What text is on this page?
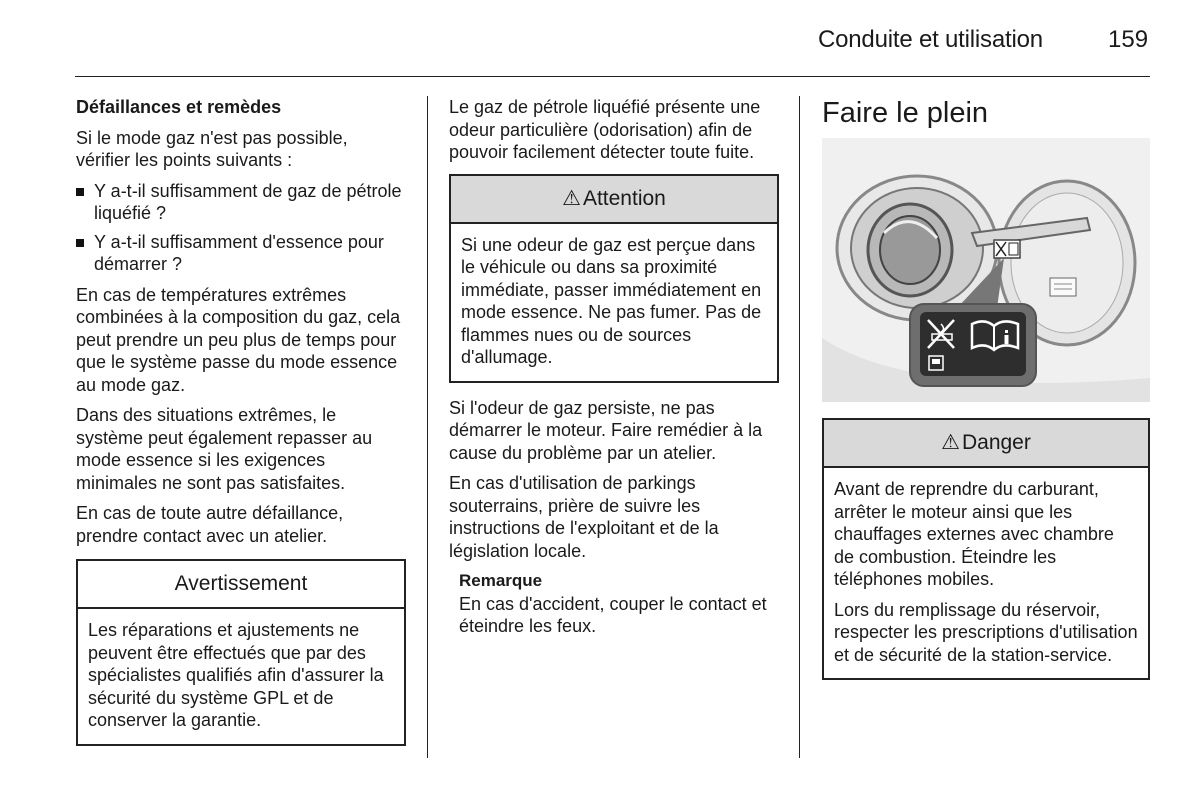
Conduite et utilisation	159

Défaillances et remèdes

Si le mode gaz n'est pas possible, vérifier les points suivants :

Y a-t-il suffisamment de gaz de pétrole liquéfié ?
Y a-t-il suffisamment d'essence pour démarrer ?

En cas de températures extrêmes combinées à la composition du gaz, cela peut prendre un peu plus de temps pour que le système passe du mode essence au mode gaz.

Dans des situations extrêmes, le système peut également repasser au mode essence si les exigences minimales ne sont pas satisfaites.

En cas de toute autre défaillance, prendre contact avec un atelier.

Avertissement

Les réparations et ajustements ne peuvent être effectués que par des spécialistes qualifiés afin d'assurer la sécurité du système GPL et de conserver la garantie.

Le gaz de pétrole liquéfié présente une odeur particulière (odorisation) afin de pouvoir facilement détecter toute fuite.

⚠Attention

Si une odeur de gaz est perçue dans le véhicule ou dans sa proximité immédiate, passer immédiatement en mode essence. Ne pas fumer. Pas de flammes nues ou de sources d'allumage.

Si l'odeur de gaz persiste, ne pas démarrer le moteur. Faire remédier à la cause du problème par un atelier.

En cas d'utilisation de parkings souterrains, prière de suivre les instructions de l'exploitant et de la législation locale.

Remarque
En cas d'accident, couper le contact et éteindre les feux.
Faire le plein
⚠Danger

Avant de reprendre du carburant, arrêter le moteur ainsi que les chauffages externes avec chambre de combustion. Éteindre les téléphones mobiles.

Lors du remplissage du réservoir, respecter les prescriptions d'utilisation et de sécurité de la station-service.
